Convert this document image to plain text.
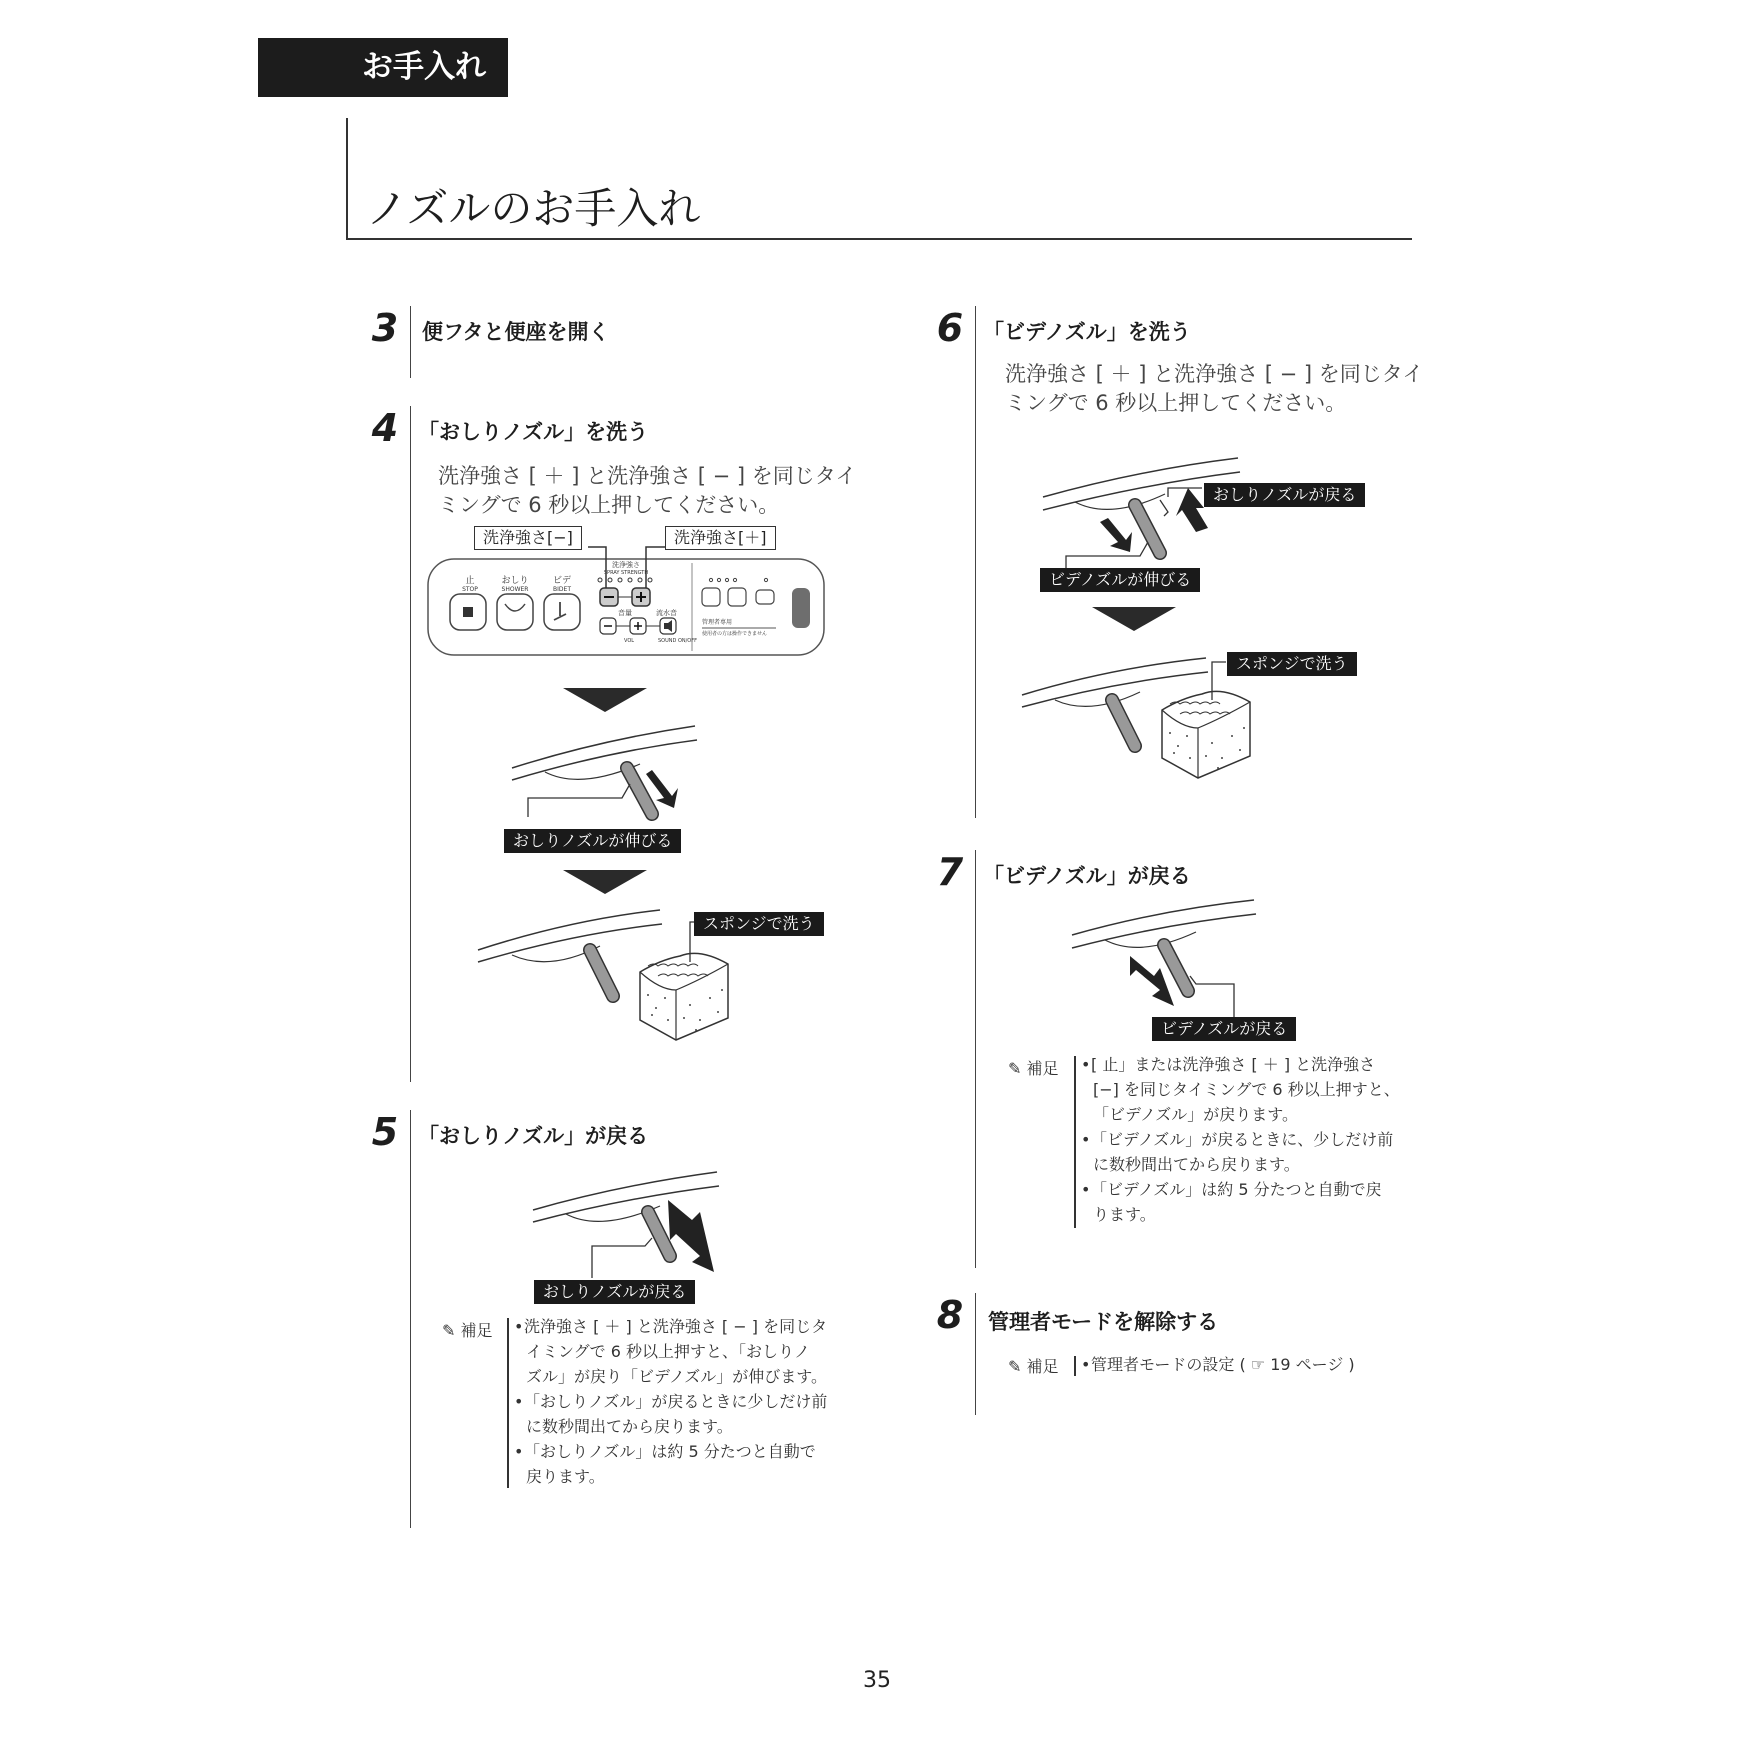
お手入れ
ノズルのお手入れ
3	便フタと便座を開く
4 「おしりノズル」を洗う
洗浄強さ [ ＋ ] と洗浄強さ [ − ] を同じタイ
ミングで 6 秒以上押してください。
洗浄強さ[−]	洗浄強さ[＋]
止
STOP
おしり
SHOWER
ビデ
BIDET
洗浄強さ
SPRAY STRENGTH
音量	流水音
VOL	SOUND ON/OFF
管理者専用
使用者の方は操作できません
おしりノズルが伸びる
スポンジで洗う
5 「おしりノズル」が戻る
おしりノズルが戻る
✎ 補足 •洗浄強さ [ ＋ ] と洗浄強さ [ − ] を同じタ

イミングで 6 秒以上押すと、「おしりノ

ズル」が戻り「ビデノズル」が伸びます。

•「おしりノズル」が戻るときに少しだけ前

に数秒間出てから戻ります。

•「おしりノズル」は約 5 分たつと自動で

戻ります。

6 「ビデノズル」を洗う
洗浄強さ [ ＋ ] と洗浄強さ [ − ] を同じタイ
ミングで 6 秒以上押してください。
おしりノズルが戻る
ビデノズルが伸びる
スポンジで洗う
7 「ビデノズル」が戻る
ビデノズルが戻る
✎ 補足 •[ 止」または洗浄強さ [ ＋ ] と洗浄強さ

[−] を同じタイミングで 6 秒以上押すと、

「ビデノズル」が戻ります。

•「ビデノズル」が戻るときに、少しだけ前

に数秒間出てから戻ります。

•「ビデノズル」は約 5 分たつと自動で戻

ります。

8	管理者モードを解除する
✎ 補足 •管理者モードの設定 ( ☞ 19 ページ )
35
